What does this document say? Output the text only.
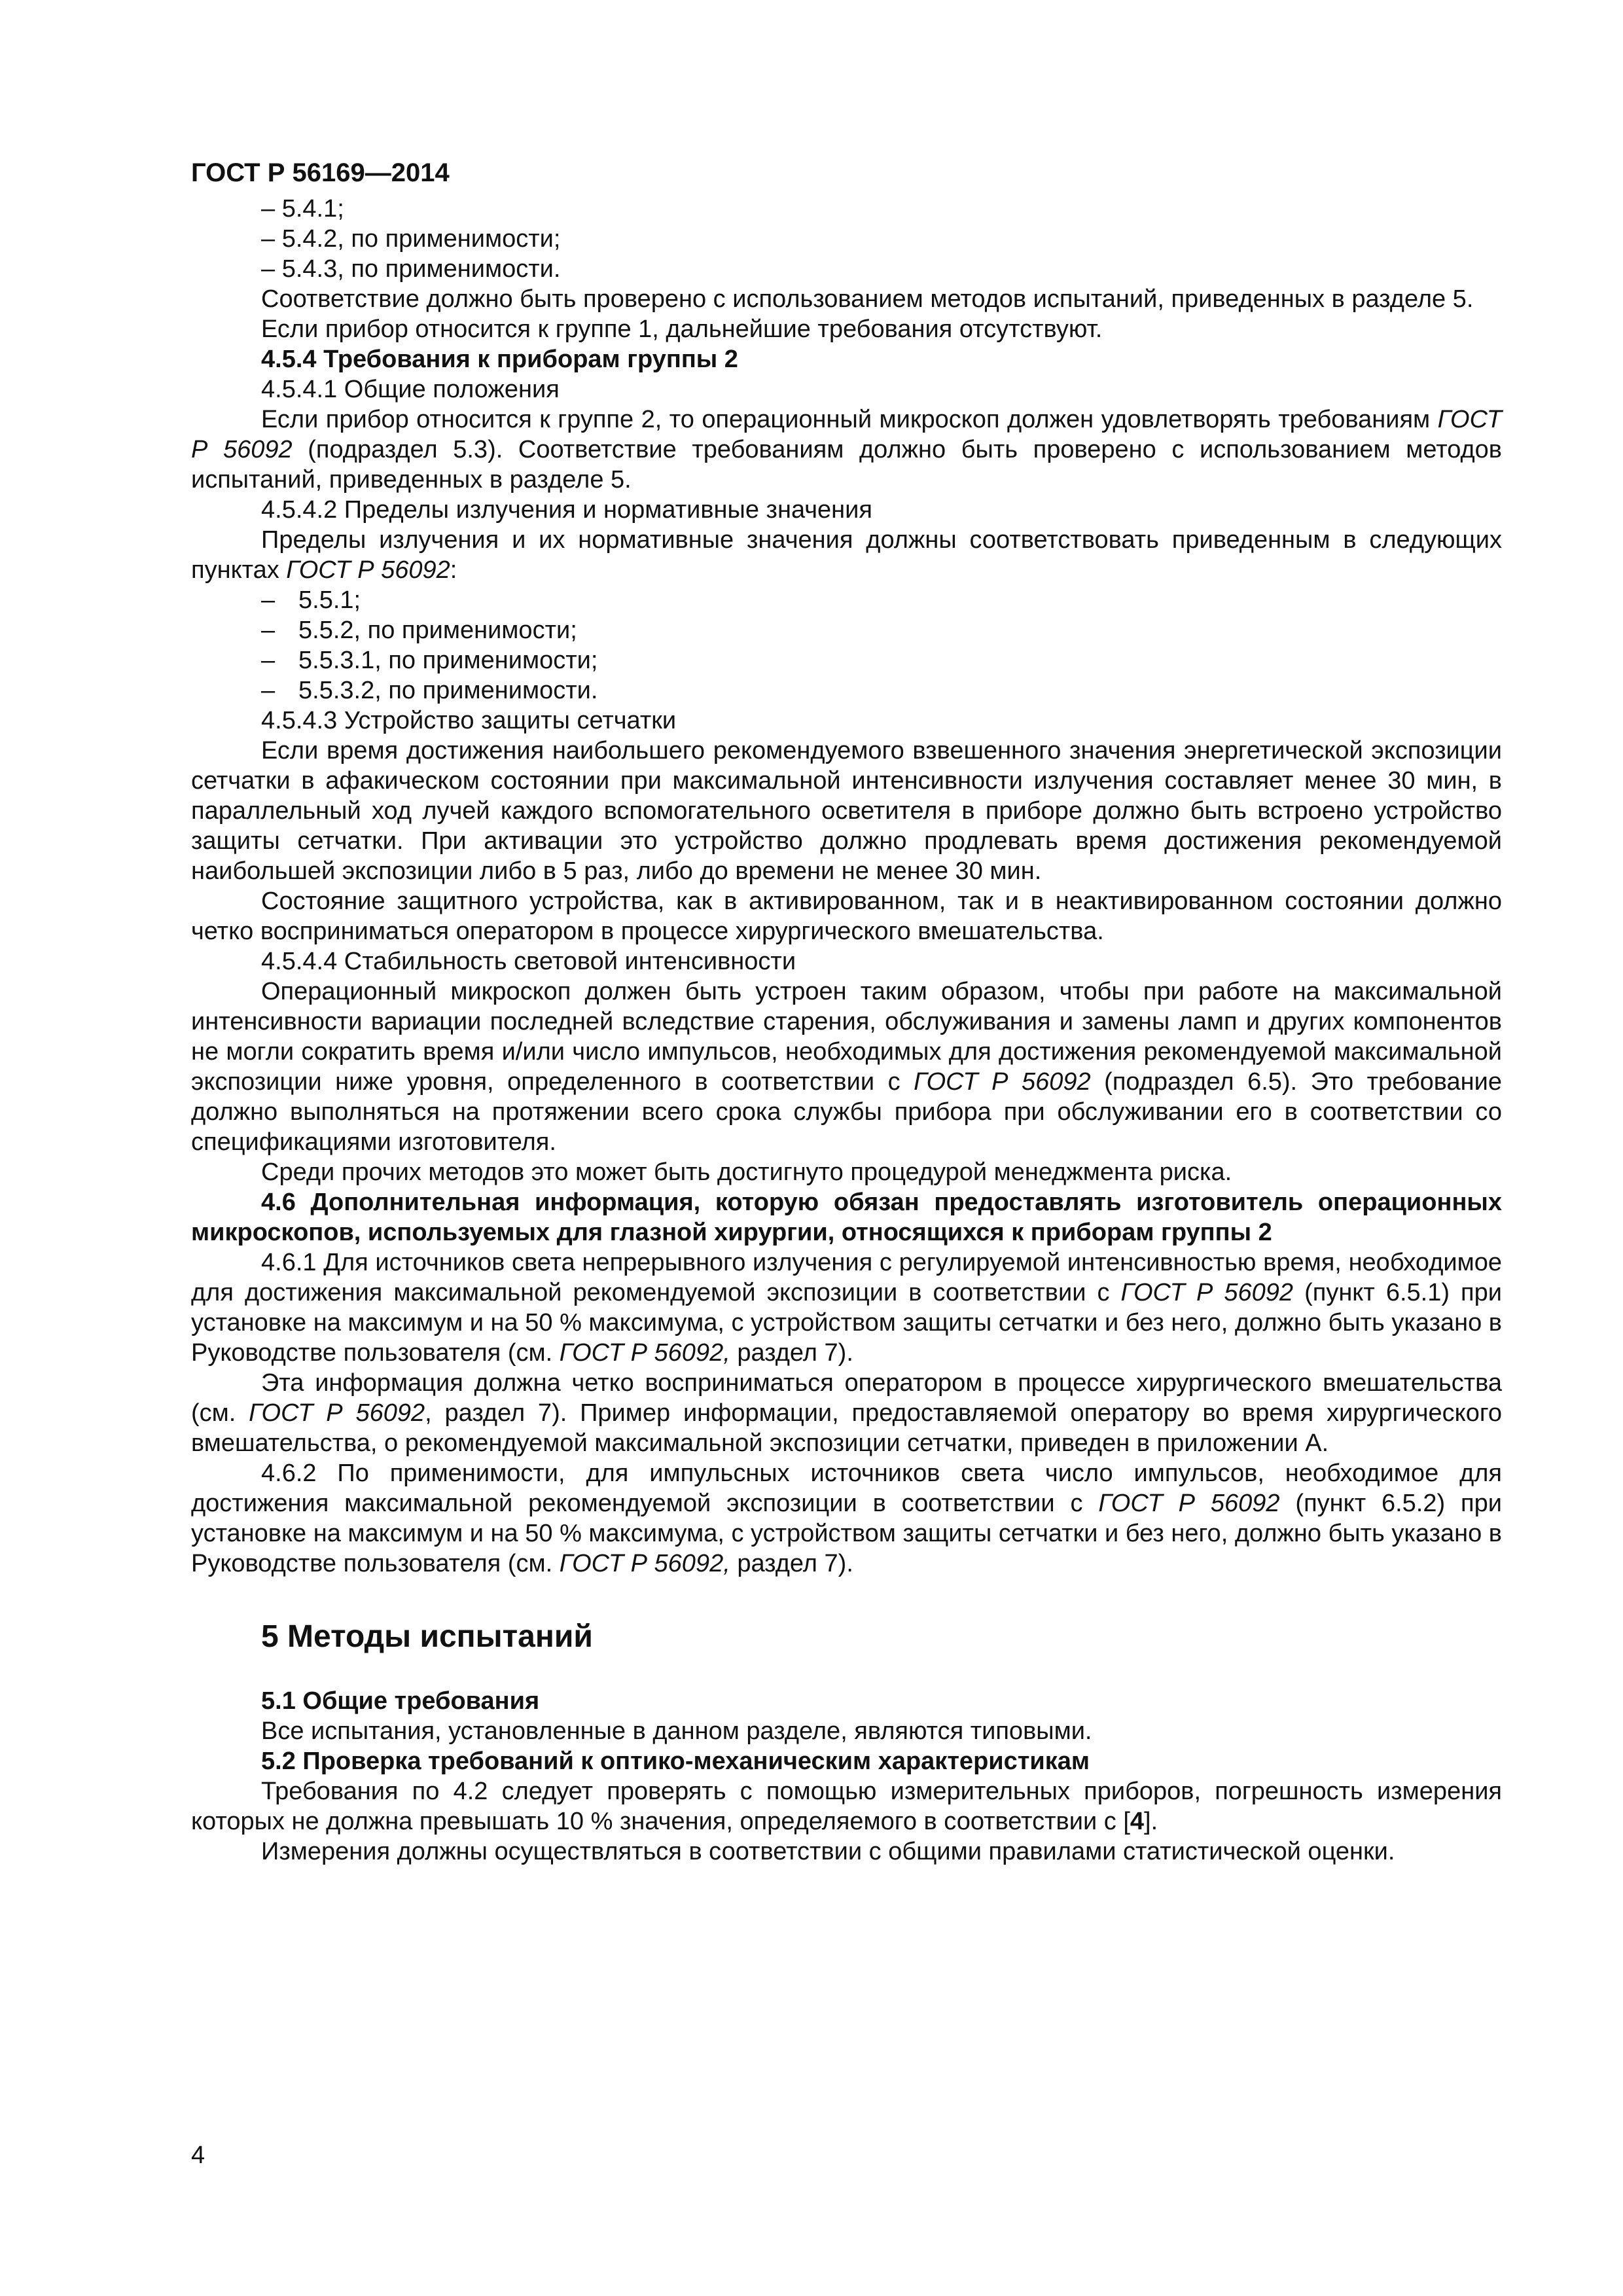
ГОСТ Р 56169—2014
– 5.4.1;
– 5.4.2, по применимости;
– 5.4.3, по применимости.

Соответствие должно быть проверено с использованием методов испытаний, приведенных в разделе 5.

Если прибор относится к группе 1, дальнейшие требования отсутствуют.

4.5.4 Требования к приборам группы 2

4.5.4.1 Общие положения

Если прибор относится к группе 2, то операционный микроскоп должен удовлетворять требованиям ГОСТ Р 56092 (подраздел 5.3). Соответствие требованиям должно быть проверено с использованием методов испытаний, приведенных в разделе 5.

4.5.4.2 Пределы излучения и нормативные значения

Пределы излучения и их нормативные значения должны соответствовать приведенным в следующих пунктах ГОСТ Р 56092:

– 5.5.1;
– 5.5.2, по применимости;
– 5.5.3.1, по применимости;
– 5.5.3.2, по применимости.

4.5.4.3 Устройство защиты сетчатки

Если время достижения наибольшего рекомендуемого взвешенного значения энергетической экспозиции сетчатки в афакическом состоянии при максимальной интенсивности излучения составляет менее 30 мин, в параллельный ход лучей каждого вспомогательного осветителя в приборе должно быть встроено устройство защиты сетчатки. При активации это устройство должно продлевать время достижения рекомендуемой наибольшей экспозиции либо в 5 раз, либо до времени не менее 30 мин.

Состояние защитного устройства, как в активированном, так и в неактивированном состоянии должно четко восприниматься оператором в процессе хирургического вмешательства.

4.5.4.4 Стабильность световой интенсивности

Операционный микроскоп должен быть устроен таким образом, чтобы при работе на максимальной интенсивности вариации последней вследствие старения, обслуживания и замены ламп и других компонентов не могли сократить время и/или число импульсов, необходимых для достижения рекомендуемой максимальной экспозиции ниже уровня, определенного в соответствии с ГОСТ Р 56092 (подраздел 6.5). Это требование должно выполняться на протяжении всего срока службы прибора при обслуживании его в соответствии со спецификациями изготовителя.

Среди прочих методов это может быть достигнуто процедурой менеджмента риска.

4.6 Дополнительная информация, которую обязан предоставлять изготовитель операционных микроскопов, используемых для глазной хирургии, относящихся к приборам группы 2

4.6.1 Для источников света непрерывного излучения с регулируемой интенсивностью время, необходимое для достижения максимальной рекомендуемой экспозиции в соответствии с ГОСТ Р 56092 (пункт 6.5.1) при установке на максимум и на 50 % максимума, с устройством защиты сетчатки и без него, должно быть указано в Руководстве пользователя (см. ГОСТ Р 56092, раздел 7).

Эта информация должна четко восприниматься оператором в процессе хирургического вмешательства (см. ГОСТ Р 56092, раздел 7). Пример информации, предоставляемой оператору во время хирургического вмешательства, о рекомендуемой максимальной экспозиции сетчатки, приведен в приложении А.

4.6.2 По применимости, для импульсных источников света число импульсов, необходимое для достижения максимальной рекомендуемой экспозиции в соответствии с ГОСТ Р 56092 (пункт 6.5.2) при установке на максимум и на 50 % максимума, с устройством защиты сетчатки и без него, должно быть указано в Руководстве пользователя (см. ГОСТ Р 56092, раздел 7).

5 Методы испытаний

5.1 Общие требования

Все испытания, установленные в данном разделе, являются типовыми.

5.2 Проверка требований к оптико-механическим характеристикам

Требования по 4.2 следует проверять с помощью измерительных приборов, погрешность измерения которых не должна превышать 10 % значения, определяемого в соответствии с [4].

Измерения должны осуществляться в соответствии с общими правилами статистической оценки.

4
